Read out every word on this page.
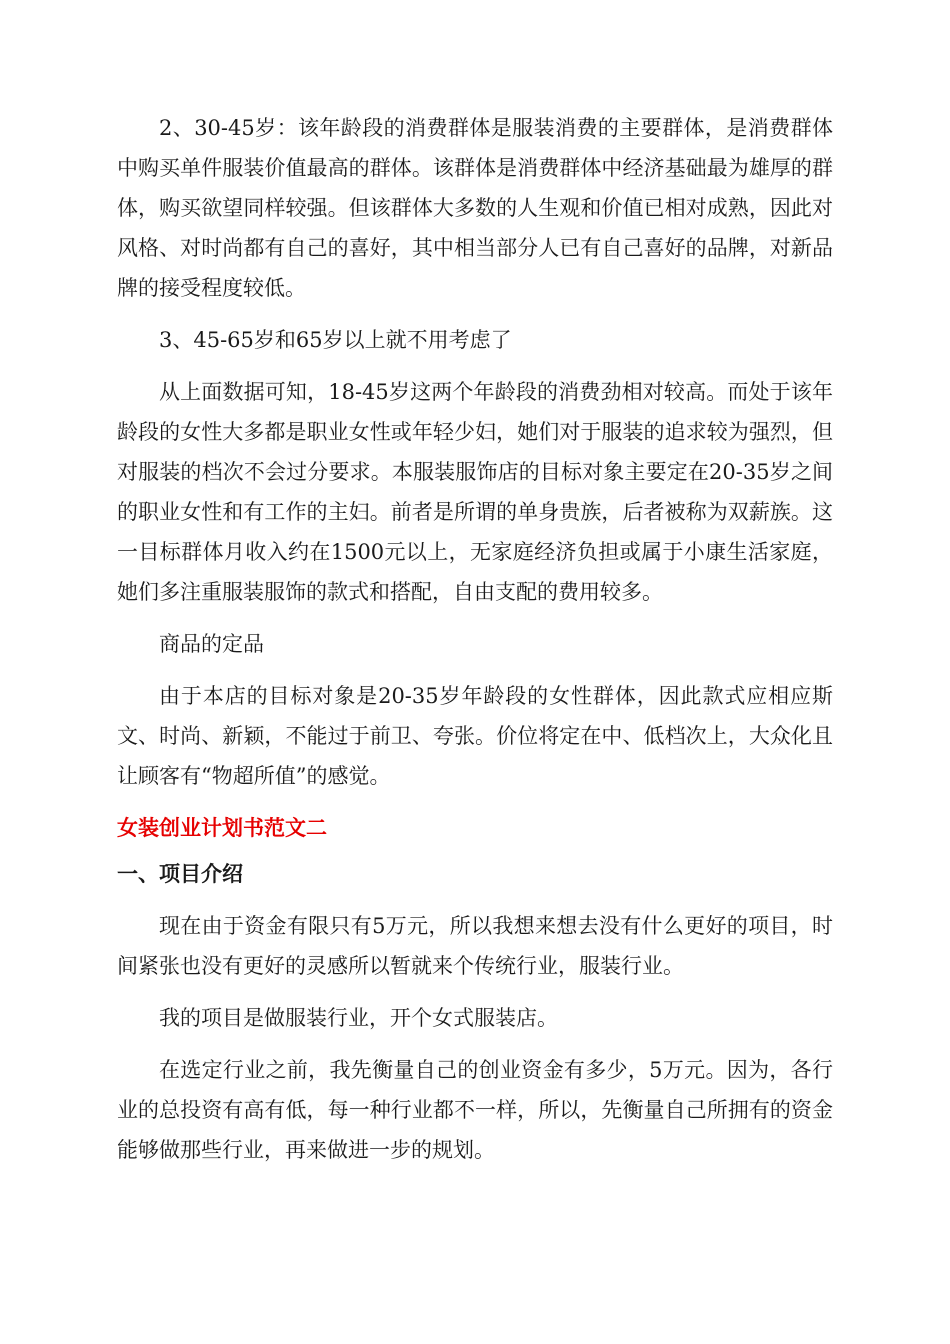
2、30-45岁：该年龄段的消费群体是服装消费的主要群体，是消费群体中购买单件服装价值最高的群体。该群体是消费群体中经济基础最为雄厚的群体，购买欲望同样较强。但该群体大多数的人生观和价值已相对成熟，因此对风格、对时尚都有自己的喜好，其中相当部分人已有自己喜好的品牌，对新品牌的接受程度较低。

3、45-65岁和65岁以上就不用考虑了

从上面数据可知，18-45岁这两个年龄段的消费劲相对较高。而处于该年龄段的女性大多都是职业女性或年轻少妇，她们对于服装的追求较为强烈，但对服装的档次不会过分要求。本服装服饰店的目标对象主要定在20-35岁之间的职业女性和有工作的主妇。前者是所谓的单身贵族，后者被称为双薪族。这一目标群体月收入约在1500元以上，无家庭经济负担或属于小康生活家庭，她们多注重服装服饰的款式和搭配，自由支配的费用较多。

商品的定品

由于本店的目标对象是20-35岁年龄段的女性群体，因此款式应相应斯文、时尚、新颖，不能过于前卫、夸张。价位将定在中、低档次上，大众化且让顾客有“物超所值”的感觉。

女装创业计划书范文二
一、项目介绍

现在由于资金有限只有5万元，所以我想来想去没有什么更好的项目，时间紧张也没有更好的灵感所以暂就来个传统行业，服装行业。

我的项目是做服装行业，开个女式服装店。

在选定行业之前，我先衡量自己的创业资金有多少，5万元。因为，各行业的总投资有高有低，每一种行业都不一样，所以，先衡量自己所拥有的资金能够做那些行业，再来做进一步的规划。
